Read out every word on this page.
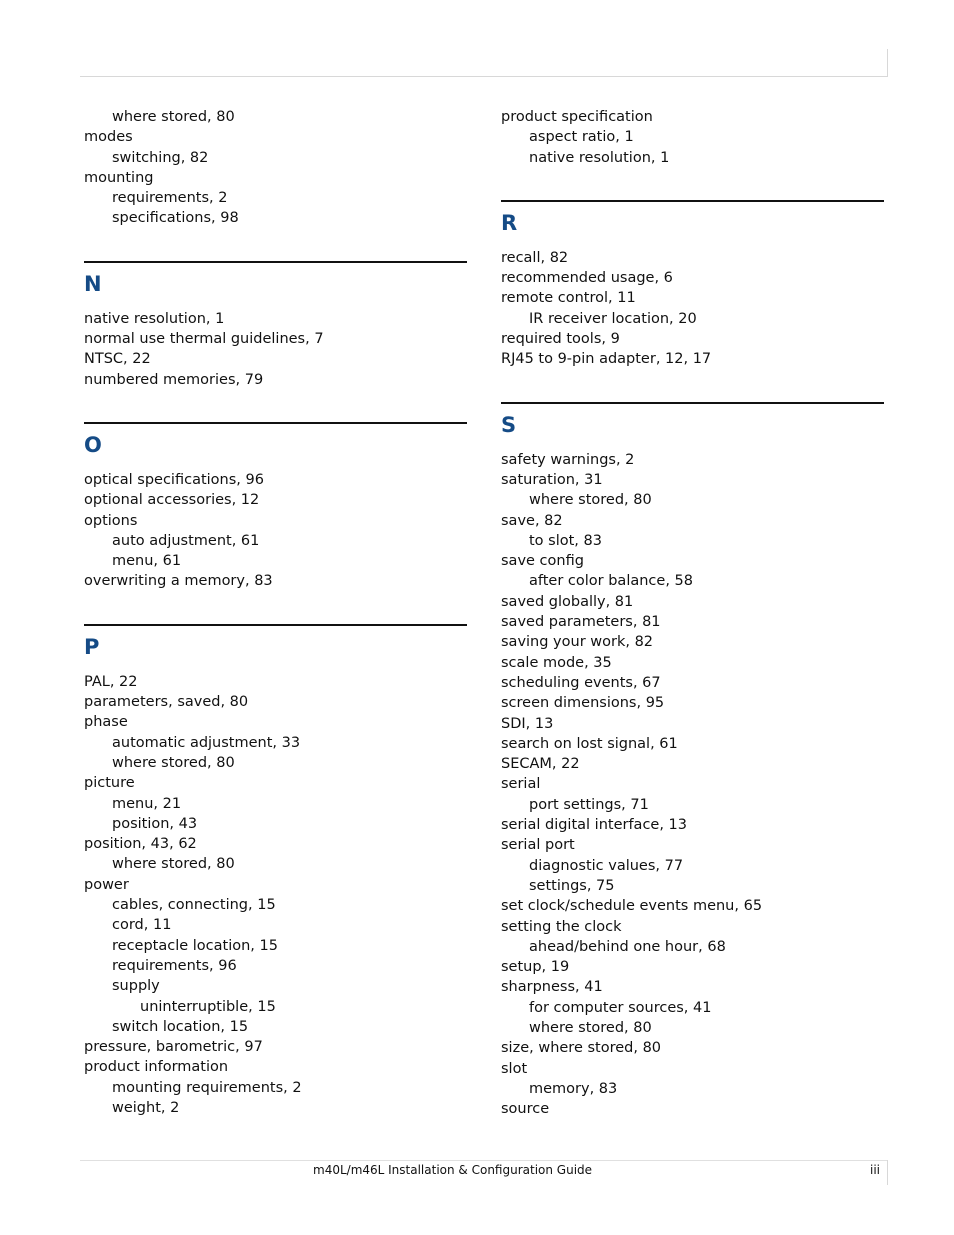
where stored, 80
modes
switching, 82
mounting
requirements, 2
specifications, 98
N
native resolution, 1
normal use thermal guidelines, 7
NTSC, 22
numbered memories, 79
O
optical specifications, 96
optional accessories, 12
options
auto adjustment, 61
menu, 61
overwriting a memory, 83
P
PAL, 22
parameters, saved, 80
phase
automatic adjustment, 33
where stored, 80
picture
menu, 21
position, 43
position, 43, 62
where stored, 80
power
cables, connecting, 15
cord, 11
receptacle location, 15
requirements, 96
supply
uninterruptible, 15
switch location, 15
pressure, barometric, 97
product information
mounting requirements, 2
weight, 2
product specification
aspect ratio, 1
native resolution, 1
R
recall, 82
recommended usage, 6
remote control, 11
IR receiver location, 20
required tools, 9
RJ45 to 9-pin adapter, 12, 17
S
safety warnings, 2
saturation, 31
where stored, 80
save, 82
to slot, 83
save config
after color balance, 58
saved globally, 81
saved parameters, 81
saving your work, 82
scale mode, 35
scheduling events, 67
screen dimensions, 95
SDI, 13
search on lost signal, 61
SECAM, 22
serial
port settings, 71
serial digital interface, 13
serial port
diagnostic values, 77
settings, 75
set clock/schedule events menu, 65
setting the clock
ahead/behind one hour, 68
setup, 19
sharpness, 41
for computer sources, 41
where stored, 80
size, where stored, 80
slot
memory, 83
source
m40L/m46L Installation & Configuration Guide	iii
